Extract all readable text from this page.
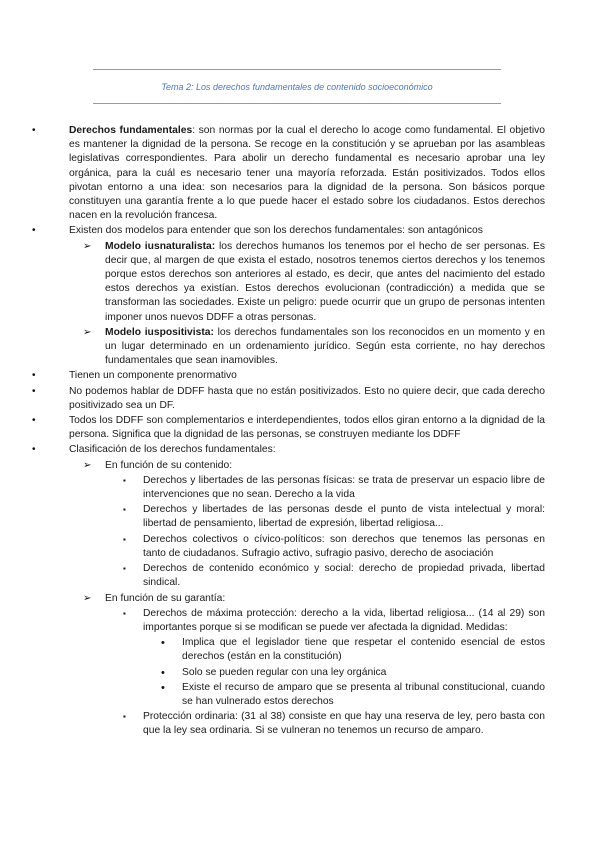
Tema 2: Los derechos fundamentales de contenido socioeconómico
•	Derechos fundamentales: son normas por la cual el derecho lo acoge como fundamental. El objetivo es mantener la dignidad de la persona. Se recoge en la constitución y se aprueban por las asambleas legislativas correspondientes. Para abolir un derecho fundamental es necesario aprobar una ley orgánica, para la cuál es necesario tener una mayoría reforzada. Están positivizados. Todos ellos pivotan entorno a una idea: son necesarios para la dignidad de la persona. Son básicos porque constituyen una garantía frente a lo que puede hacer el estado sobre los ciudadanos. Estos derechos nacen en la revolución francesa.
•	Existen dos modelos para entender que son los derechos fundamentales: son antagónicos
➢ Modelo iusnaturalista: los derechos humanos los tenemos por el hecho de ser personas. Es decir que, al margen de que exista el estado, nosotros tenemos ciertos derechos y los tenemos porque estos derechos son anteriores al estado, es decir, que antes del nacimiento del estado estos derechos ya existían. Estos derechos evolucionan (contradicción) a medida que se transforman las sociedades. Existe un peligro: puede ocurrir que un grupo de personas intenten imponer unos nuevos DDFF a otras personas.
➢ Modelo iuspositivista: los derechos fundamentales son los reconocidos en un momento y en un lugar determinado en un ordenamiento jurídico. Según esta corriente, no hay derechos fundamentales que sean inamovibles.
•	Tienen un componente prenormativo
•	No podemos hablar de DDFF hasta que no están positivizados. Esto no quiere decir, que cada derecho positivizado sea un DF.
•	Todos los DDFF son complementarios e interdependientes, todos ellos giran entorno a la dignidad de la persona. Significa que la dignidad de las personas, se construyen mediante los DDFF
•	Clasificación de los derechos fundamentales:
➢ En función de su contenido:
▪ Derechos y libertades de las personas físicas: se trata de preservar un espacio libre de intervenciones que no sean. Derecho a la vida
▪ Derechos y libertades de las personas desde el punto de vista intelectual y moral: libertad de pensamiento, libertad de expresión, libertad religiosa...
▪ Derechos colectivos o cívico-políticos: son derechos que tenemos las personas en tanto de ciudadanos. Sufragio activo, sufragio pasivo, derecho de asociación
▪ Derechos de contenido económico y social: derecho de propiedad privada, libertad sindical.
➢ En función de su garantía:
▪ Derechos de máxima protección: derecho a la vida, libertad religiosa... (14 al 29) son importantes porque si se modifican se puede ver afectada la dignidad. Medidas:
• Implica que el legislador tiene que respetar el contenido esencial de estos derechos (están en la constitución)
• Solo se pueden regular con una ley orgánica
• Existe el recurso de amparo que se presenta al tribunal constitucional, cuando se han vulnerado estos derechos
▪ Protección ordinaria: (31 al 38) consiste en que hay una reserva de ley, pero basta con que la ley sea ordinaria. Si se vulneran no tenemos un recurso de amparo.
